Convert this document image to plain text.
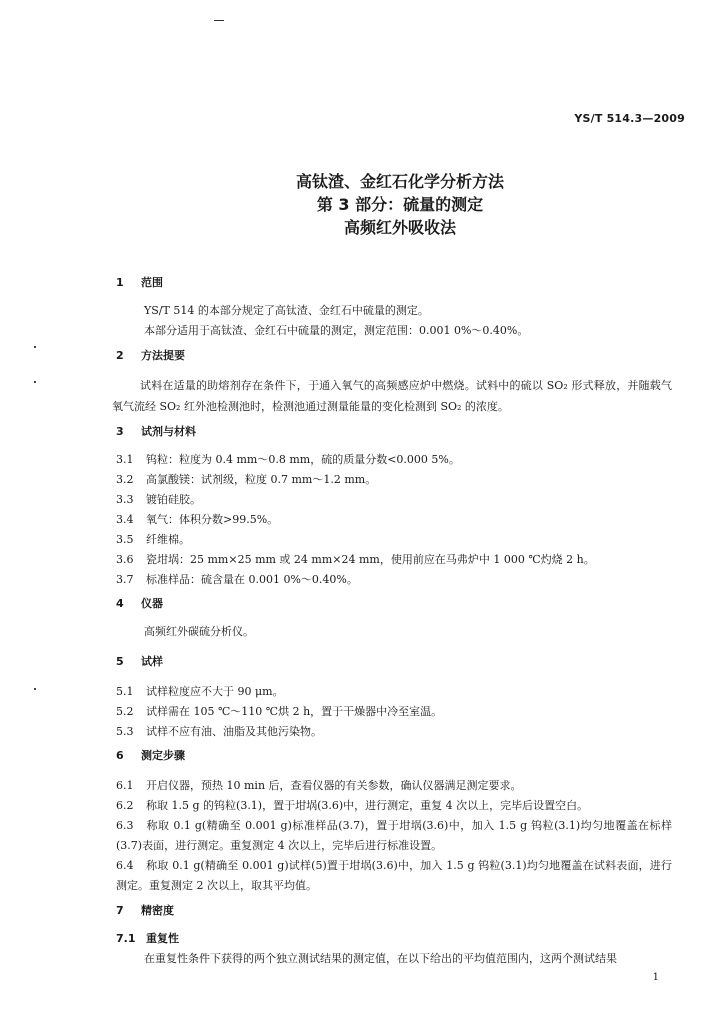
YS/T 514.3—2009
高钛渣、金红石化学分析方法
第 3 部分：硫量的测定
高频红外吸收法
1 范围
YS/T 514 的本部分规定了高钛渣、金红石中硫量的测定。
本部分适用于高钛渣、金红石中硫量的测定，测定范围：0.001 0%～0.40%。
2 方法提要
试料在适量的助熔剂存在条件下，于通入氧气的高频感应炉中燃烧。试料中的硫以 SO₂ 形式释放，并随载气氧气流经 SO₂ 红外池检测池时，检测池通过测量能量的变化检测到 SO₂ 的浓度。
3 试剂与材料
3.1	钨粒：粒度为 0.4 mm～0.8 mm，硫的质量分数<0.000 5%。
3.2	高氯酸镁：试剂级，粒度 0.7 mm～1.2 mm。
3.3	镀铂硅胶。
3.4	氧气：体积分数>99.5%。
3.5	纤维棉。
3.6	瓷坩埚：25 mm×25 mm 或 24 mm×24 mm，使用前应在马弗炉中 1 000 ℃灼烧 2 h。
3.7	标准样品：硫含量在 0.001 0%～0.40%。
4 仪器
高频红外碳硫分析仪。
5 试样
5.1	试样粒度应不大于 90 μm。
5.2	试样需在 105 ℃～110 ℃烘 2 h，置于干燥器中冷至室温。
5.3	试样不应有油、油脂及其他污染物。
6 测定步骤
6.1 开启仪器，预热 10 min 后，查看仪器的有关参数，确认仪器满足测定要求。
6.2 称取 1.5 g 的钨粒(3.1)，置于坩埚(3.6)中，进行测定，重复 4 次以上，完毕后设置空白。
6.3 称取 0.1 g(精确至 0.001 g)标准样品(3.7)，置于坩埚(3.6)中，加入 1.5 g 钨粒(3.1)均匀地覆盖在标样(3.7)表面，进行测定。重复测定 4 次以上，完毕后进行标准设置。
6.4 称取 0.1 g(精确至 0.001 g)试样(5)置于坩埚(3.6)中，加入 1.5 g 钨粒(3.1)均匀地覆盖在试料表面，进行测定。重复测定 2 次以上，取其平均值。
7 精密度
7.1 重复性
在重复性条件下获得的两个独立测试结果的测定值，在以下给出的平均值范围内，这两个测试结果
1
